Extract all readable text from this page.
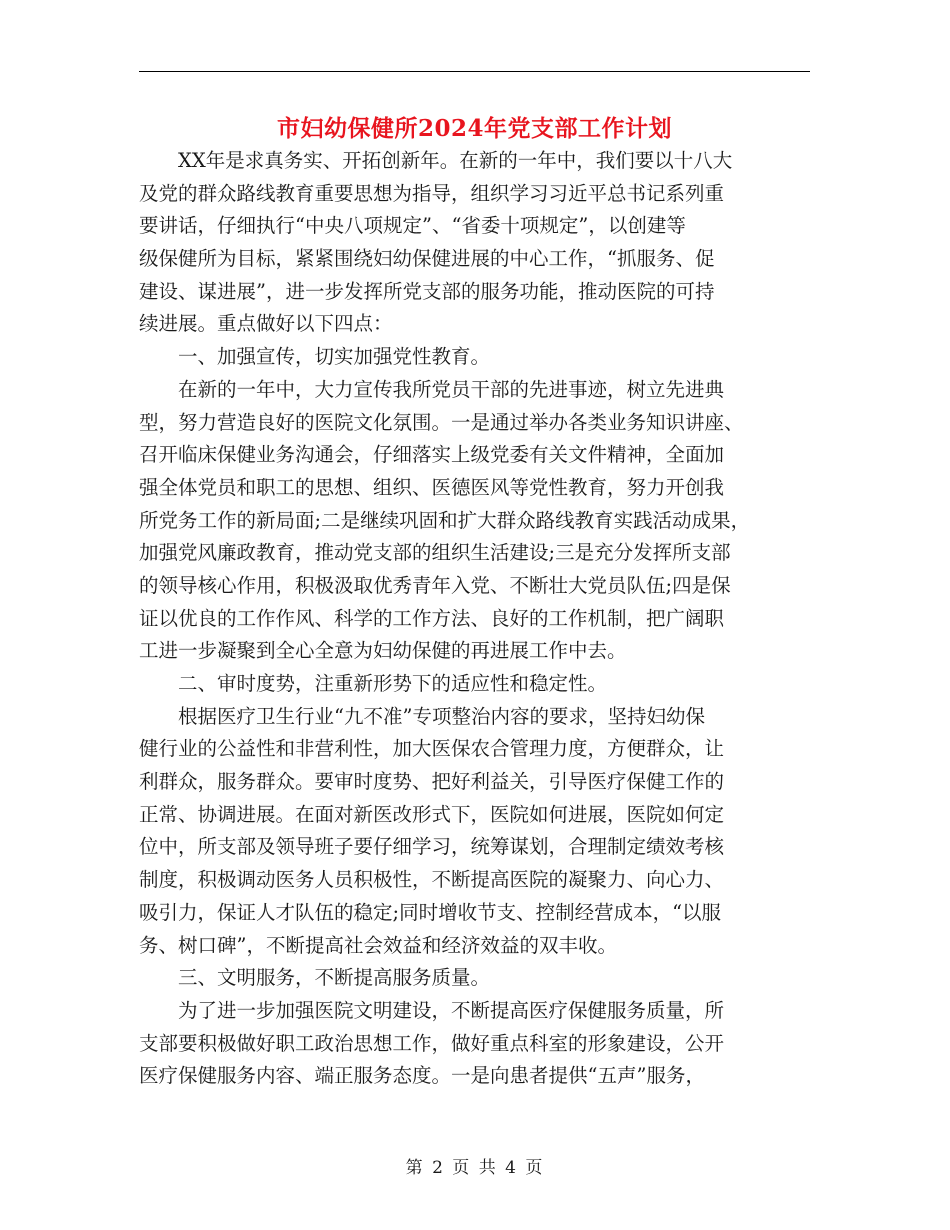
市妇幼保健所2024年党支部工作计划
　　XX年是求真务实、开拓创新年。在新的一年中，我们要以十八大
及党的群众路线教育重要思想为指导，组织学习习近平总书记系列重
要讲话，仔细执行“中央八项规定”、“省委十项规定”，以创建等
级保健所为目标，紧紧围绕妇幼保健进展的中心工作，“抓服务、促
建设、谋进展”，进一步发挥所党支部的服务功能，推动医院的可持
续进展。重点做好以下四点：
　　一、加强宣传，切实加强党性教育。
　　在新的一年中，大力宣传我所党员干部的先进事迹，树立先进典
型，努力营造良好的医院文化氛围。一是通过举办各类业务知识讲座、
召开临床保健业务沟通会，仔细落实上级党委有关文件精神，全面加
强全体党员和职工的思想、组织、医德医风等党性教育，努力开创我
所党务工作的新局面;二是继续巩固和扩大群众路线教育实践活动成果，
加强党风廉政教育，推动党支部的组织生活建设;三是充分发挥所支部
的领导核心作用，积极汲取优秀青年入党、不断壮大党员队伍;四是保
证以优良的工作作风、科学的工作方法、良好的工作机制，把广阔职
工进一步凝聚到全心全意为妇幼保健的再进展工作中去。
　　二、审时度势，注重新形势下的适应性和稳定性。
　　根据医疗卫生行业“九不准”专项整治内容的要求，坚持妇幼保
健行业的公益性和非营利性，加大医保农合管理力度，方便群众，让
利群众，服务群众。要审时度势、把好利益关，引导医疗保健工作的
正常、协调进展。在面对新医改形式下，医院如何进展，医院如何定
位中，所支部及领导班子要仔细学习，统筹谋划，合理制定绩效考核
制度，积极调动医务人员积极性，不断提高医院的凝聚力、向心力、
吸引力，保证人才队伍的稳定;同时增收节支、控制经营成本，“以服
务、树口碑”，不断提高社会效益和经济效益的双丰收。
　　三、文明服务，不断提高服务质量。
　　为了进一步加强医院文明建设，不断提高医疗保健服务质量，所
支部要积极做好职工政治思想工作，做好重点科室的形象建设，公开
医疗保健服务内容、端正服务态度。一是向患者提供“五声”服务，
第 2 页 共 4 页
